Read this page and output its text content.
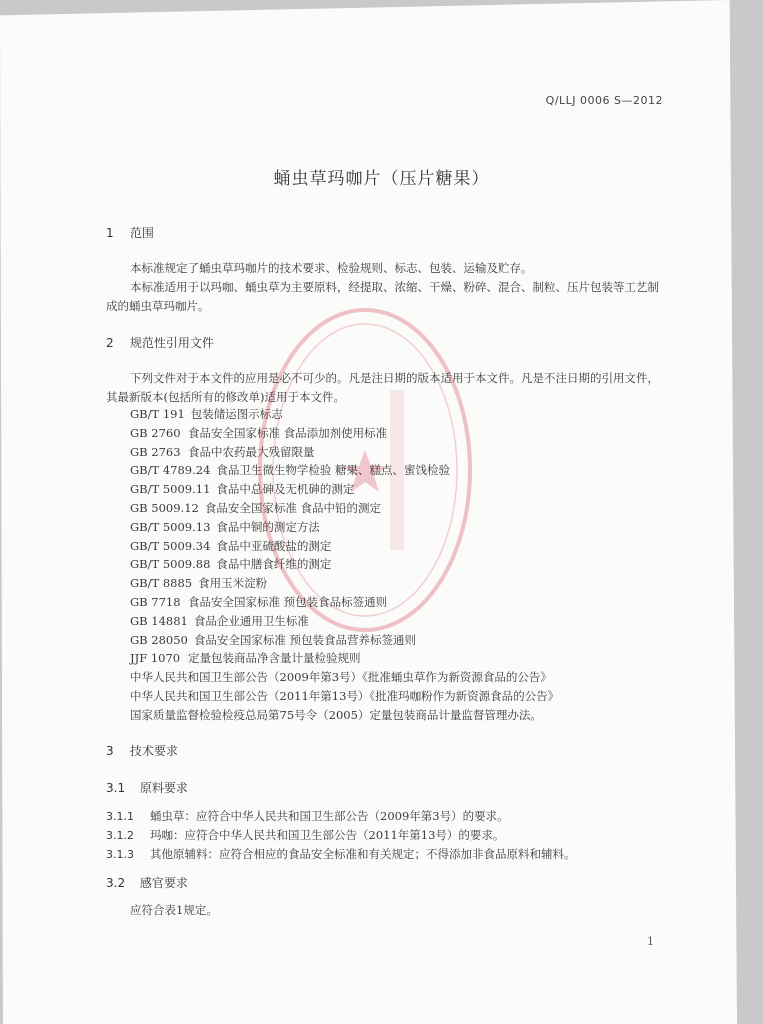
Q/LLJ 0006 S—2012
蛹虫草玛咖片（压片糖果）
1 范围
本标准规定了蛹虫草玛咖片的技术要求、检验规则、标志、包装、运输及贮存。
本标准适用于以玛咖、蛹虫草为主要原料，经提取、浓缩、干燥、粉碎、混合、制粒、压片包装等工艺制成的蛹虫草玛咖片。
2 规范性引用文件
下列文件对于本文件的应用是必不可少的。凡是注日期的版本适用于本文件。凡是不注日期的引用文件，其最新版本(包括所有的修改单)适用于本文件。
GB/T 191 包装储运图示标志
GB 2760 食品安全国家标准 食品添加剂使用标准
GB 2763 食品中农药最大残留限量
GB/T 4789.24 食品卫生微生物学检验 糖果、糕点、蜜饯检验
GB/T 5009.11 食品中总砷及无机砷的测定
GB 5009.12 食品安全国家标准 食品中铅的测定
GB/T 5009.13 食品中铜的测定方法
GB/T 5009.34 食品中亚硫酸盐的测定
GB/T 5009.88 食品中膳食纤维的测定
GB/T 8885 食用玉米淀粉
GB 7718 食品安全国家标准 预包装食品标签通则
GB 14881 食品企业通用卫生标准
GB 28050 食品安全国家标准 预包装食品营养标签通则
JJF 1070 定量包装商品净含量计量检验规则
中华人民共和国卫生部公告（2009年第3号）《批准蛹虫草作为新资源食品的公告》
中华人民共和国卫生部公告（2011年第13号）《批准玛咖粉作为新资源食品的公告》
国家质量监督检验检疫总局第75号令（2005）定量包装商品计量监督管理办法。
3 技术要求
3.1 原料要求
3.1.1 蛹虫草：应符合中华人民共和国卫生部公告（2009年第3号）的要求。
3.1.2 玛咖：应符合中华人民共和国卫生部公告（2011年第13号）的要求。
3.1.3 其他原辅料：应符合相应的食品安全标准和有关规定；不得添加非食品原料和辅料。
3.2 感官要求
应符合表1规定。
1
